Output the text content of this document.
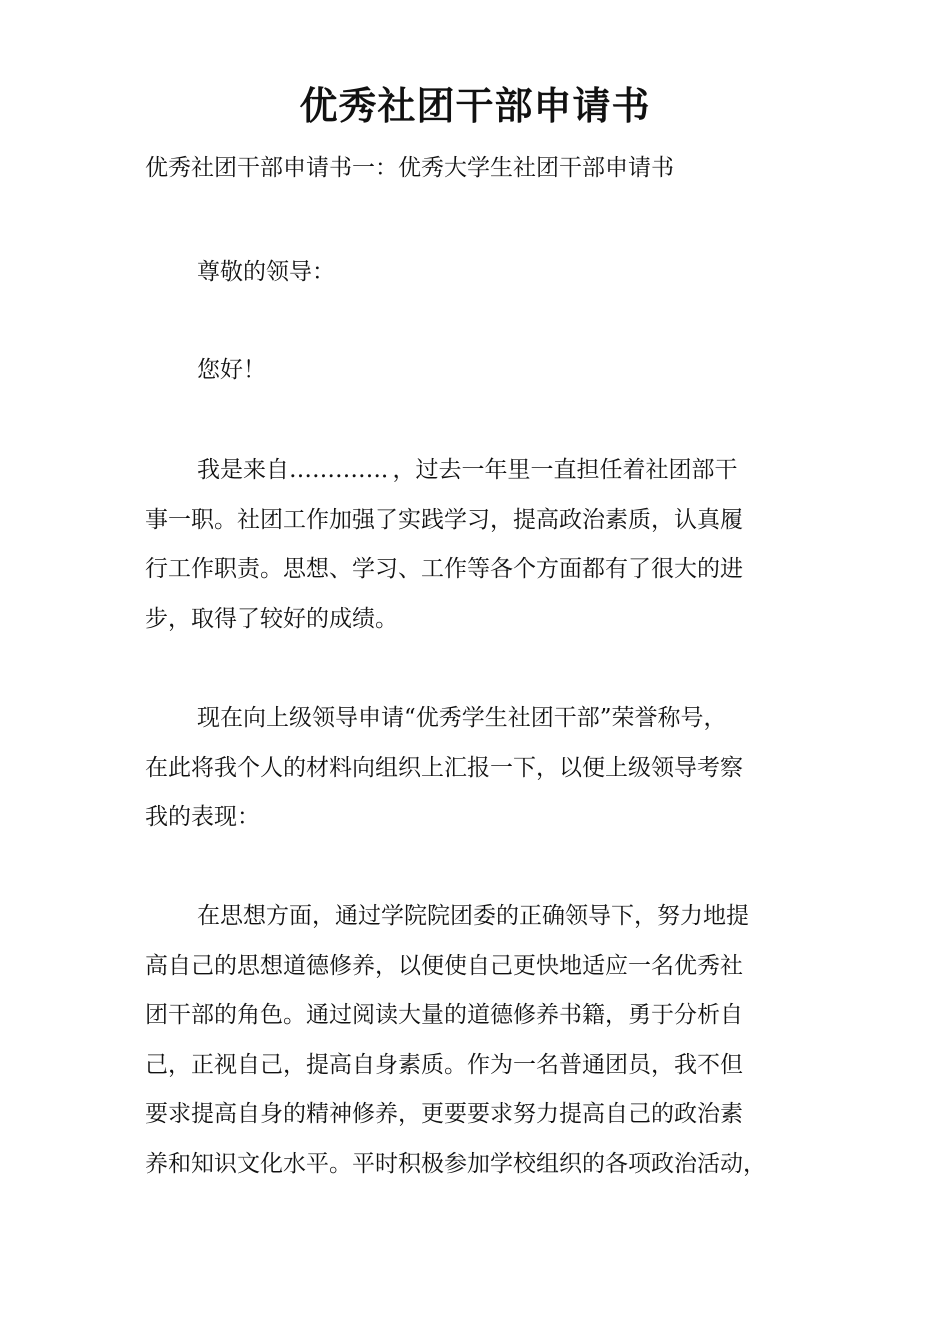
优秀社团干部申请书

优秀社团干部申请书一：优秀大学生社团干部申请书

尊敬的领导：

您好！

我是来自…………．，过去一年里一直担任着社团部干
事一职。社团工作加强了实践学习，提高政治素质，认真履
行工作职责。思想、学习、工作等各个方面都有了很大的进
步，取得了较好的成绩。

现在向上级领导申请“优秀学生社团干部”荣誉称号，
在此将我个人的材料向组织上汇报一下，以便上级领导考察
我的表现：

在思想方面，通过学院院团委的正确领导下，努力地提
高自己的思想道德修养，以便使自己更快地适应一名优秀社
团干部的角色。通过阅读大量的道德修养书籍，勇于分析自
己，正视自己，提高自身素质。作为一名普通团员，我不但
要求提高自身的精神修养，更要要求努力提高自己的政治素
养和知识文化水平。平时积极参加学校组织的各项政治活动，
